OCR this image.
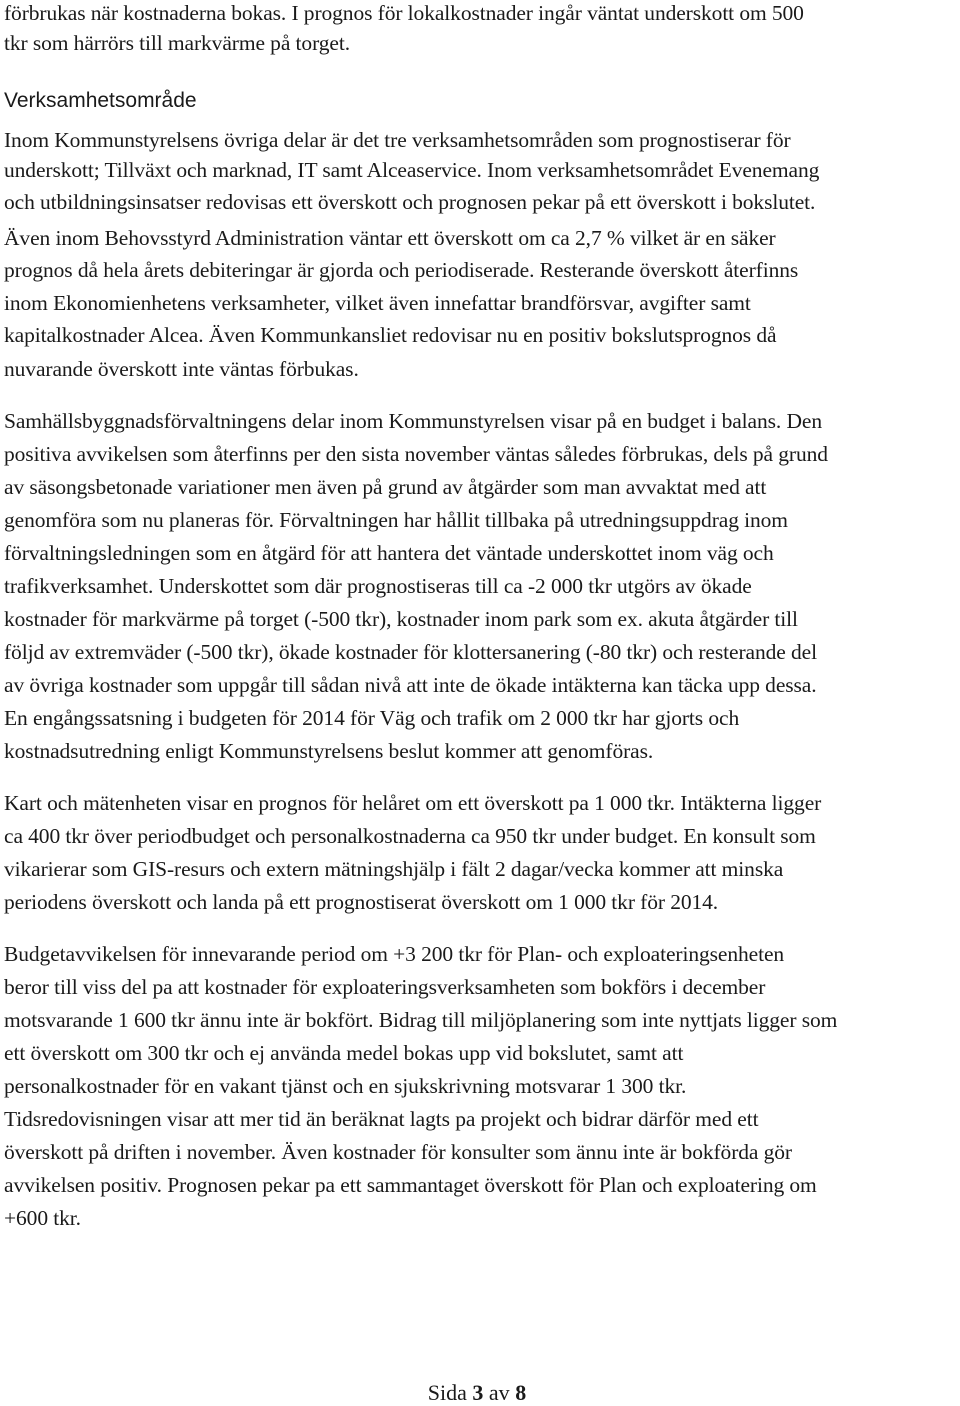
förbrukas när kostnaderna bokas. I prognos för lokalkostnader ingår väntat underskott om 500
tkr som härrörs till markvärme på torget.
Verksamhetsområde
Inom Kommunstyrelsens övriga delar är det tre verksamhetsområden som prognostiserar för
underskott; Tillväxt och marknad, IT samt Alceaservice. Inom verksamhetsområdet Evenemang
och utbildningsinsatser redovisas ett överskott och prognosen pekar på ett överskott i bokslutet.
Även inom Behovsstyrd Administration väntar ett överskott om ca 2,7 % vilket är en säker
prognos då hela årets debiteringar är gjorda och periodiserade. Resterande överskott återfinns
inom Ekonomienhetens verksamheter, vilket även innefattar brandförsvar, avgifter samt
kapitalkostnader Alcea. Även Kommunkansliet redovisar nu en positiv bokslutsprognos då
nuvarande överskott inte väntas förbukas.
Samhällsbyggnadsförvaltningens delar inom Kommunstyrelsen visar på en budget i balans. Den
positiva avvikelsen som återfinns per den sista november väntas således förbrukas, dels på grund
av säsongsbetonade variationer men även på grund av åtgärder som man avvaktat med att
genomföra som nu planeras för. Förvaltningen har hållit tillbaka på utredningsuppdrag inom
förvaltningsledningen som en åtgärd för att hantera det väntade underskottet inom väg och
trafikverksamhet. Underskottet som där prognostiseras till ca -2 000 tkr utgörs av ökade
kostnader för markvärme på torget (-500 tkr), kostnader inom park som ex. akuta åtgärder till
följd av extremväder (-500 tkr), ökade kostnader för klottersanering (-80 tkr) och resterande del
av övriga kostnader som uppgår till sådan nivå att inte de ökade intäkterna kan täcka upp dessa.
En engångssatsning i budgeten för 2014 för Väg och trafik om 2 000 tkr har gjorts och
kostnadsutredning enligt Kommunstyrelsens beslut kommer att genomföras.
Kart och mätenheten visar en prognos för helåret om ett överskott pa 1 000 tkr. Intäkterna ligger
ca 400 tkr över periodbudget och personalkostnaderna ca 950 tkr under budget. En konsult som
vikarierar som GIS-resurs och extern mätningshjälp i fält 2 dagar/vecka kommer att minska
periodens överskott och landa på ett prognostiserat överskott om 1 000 tkr för 2014.
Budgetavvikelsen för innevarande period om +3 200 tkr för Plan- och exploateringsenheten
beror till viss del pa att kostnader för exploateringsverksamheten som bokförs i december
motsvarande 1 600 tkr ännu inte är bokfört. Bidrag till miljöplanering som inte nyttjats ligger som
ett överskott om 300 tkr och ej använda medel bokas upp vid bokslutet, samt att
personalkostnader för en vakant tjänst och en sjukskrivning motsvarar 1 300 tkr.
Tidsredovisningen visar att mer tid än beräknat lagts pa projekt och bidrar därför med ett
överskott på driften i november. Även kostnader för konsulter som ännu inte är bokförda gör
avvikelsen positiv. Prognosen pekar pa ett sammantaget överskott för Plan och exploatering om
+600 tkr.
Sida 3 av 8
